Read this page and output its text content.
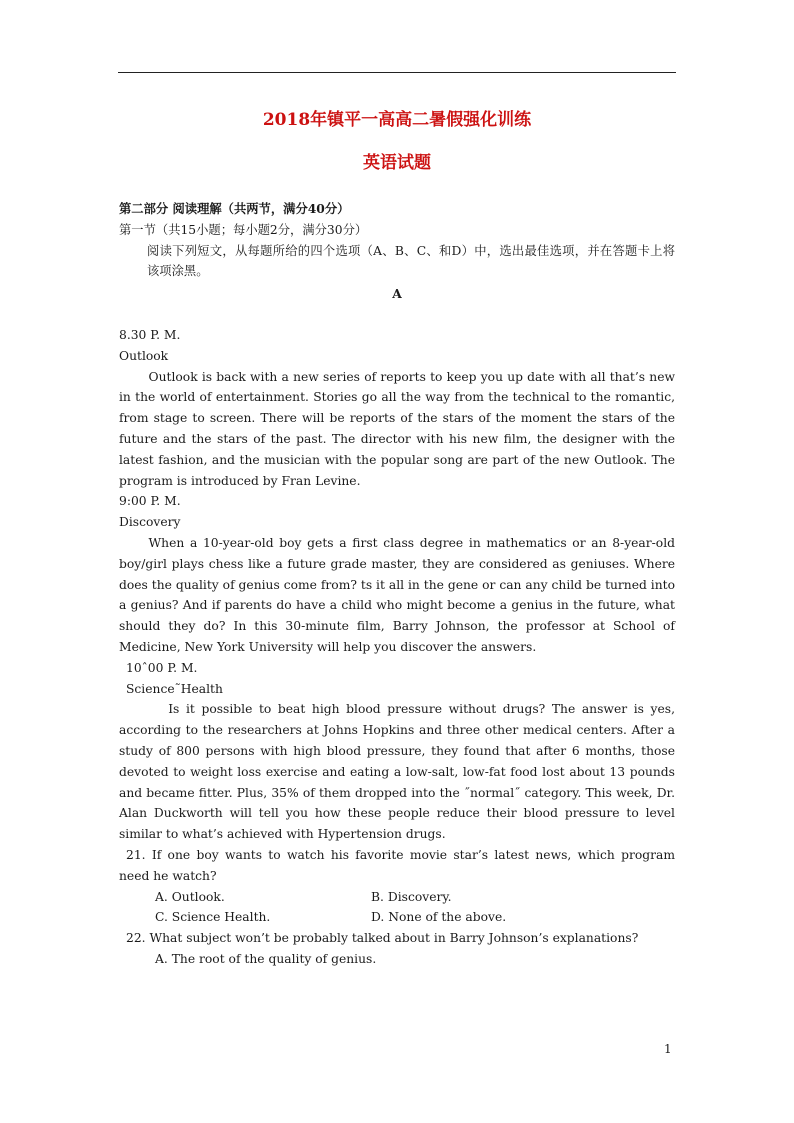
2018年镇平一高高二暑假强化训练
英语试题

第二部分 阅读理解（共两节，满分40分）

第一节（共15小题；每小题2分，满分30分）

阅读下列短文，从每题所给的四个选项（A、B、C、和D）中，选出最佳选项，并在答题卡上将该项涂黑。

A

8.30 P. M.

Outlook

Outlook is back with a new series of reports to keep you up date with all that’s new in the world of entertainment. Stories go all the way from the technical to the romantic, from stage to screen. There will be reports of the stars of the moment the stars of the future and the stars of the past. The director with his new film, the designer with the latest fashion, and the musician with the popular song are part of the new Outlook. The program is introduced by Fran Levine.

9:00 P. M.

Discovery

When a 10-year-old boy gets a first class degree in mathematics or an 8-year-old boy/girl plays chess like a future grade master, they are considered as geniuses. Where does the quality of genius come from? ts it all in the gene or can any child be turned into a genius? And if parents do have a child who might become a genius in the future, what should they do? In this 30-minute film, Barry Johnson, the professor at School of Medicine, New York University will help you discover the answers.

10ˆ00 P. M.

Science˜Health

Is it possible to beat high blood pressure without drugs? The answer is yes, according to the researchers at Johns Hopkins and three other medical centers. After a study of 800 persons with high blood pressure, they found that after 6 months, those devoted to weight loss exercise and eating a low-salt, low-fat food lost about 13 pounds and became fitter. Plus, 35% of them dropped into the ˝normal˝ category. This week, Dr. Alan Duckworth will tell you how these people reduce their blood pressure to level similar to what’s achieved with Hypertension drugs.

21. If one boy wants to watch his favorite movie star’s latest news, which program need he watch?

A. Outlook.	B. Discovery.
C. Science Health.	D. None of the above.

22. What subject won’t be probably talked about in Barry Johnson’s explanations?

A. The root of the quality of genius.
1
